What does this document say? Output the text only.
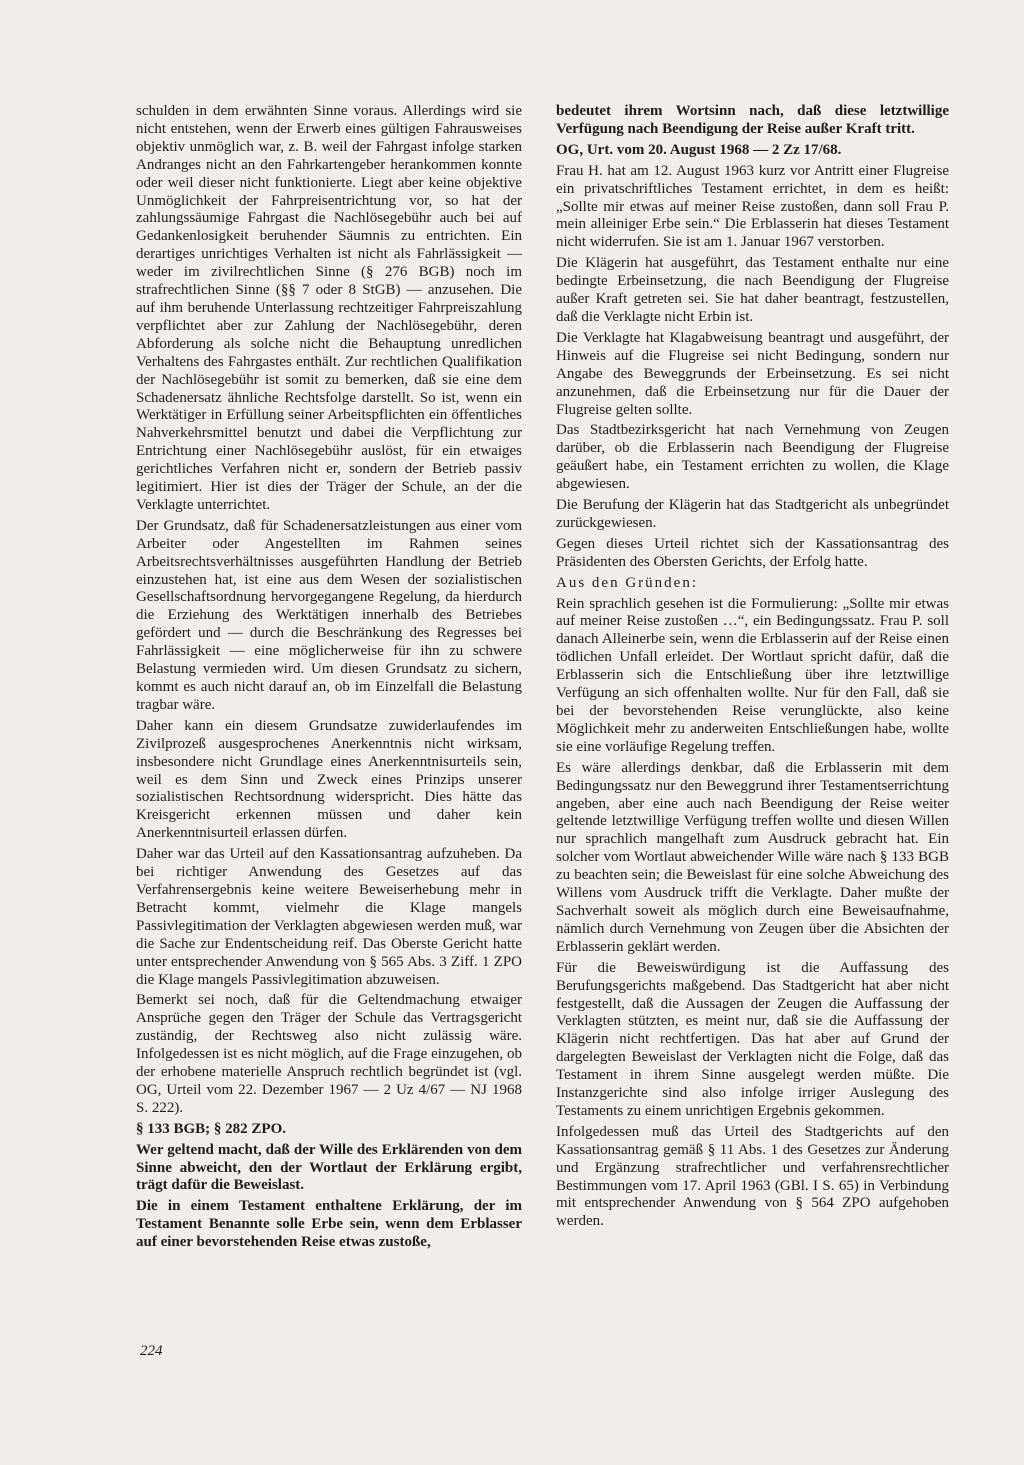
schulden in dem erwähnten Sinne voraus. Allerdings wird sie nicht entstehen, wenn der Erwerb eines gültigen Fahrausweises objektiv unmöglich war, z. B. weil der Fahrgast infolge starken Andranges nicht an den Fahrkartengeber herankommen konnte oder weil dieser nicht funktionierte. Liegt aber keine objektive Unmöglichkeit der Fahrpreisentrichtung vor, so hat der zahlungssäumige Fahrgast die Nachlösegebühr auch bei auf Gedankenlosigkeit beruhender Säumnis zu entrichten. Ein derartiges unrichtiges Verhalten ist nicht als Fahrlässigkeit — weder im zivilrechtlichen Sinne (§ 276 BGB) noch im strafrechtlichen Sinne (§§ 7 oder 8 StGB) — anzusehen. Die auf ihm beruhende Unterlassung rechtzeitiger Fahrpreiszahlung verpflichtet aber zur Zahlung der Nachlösegebühr, deren Abforderung als solche nicht die Behauptung unredlichen Verhaltens des Fahrgastes enthält. Zur rechtlichen Qualifikation der Nachlösegebühr ist somit zu bemerken, daß sie eine dem Schadenersatz ähnliche Rechtsfolge darstellt. So ist, wenn ein Werktätiger in Erfüllung seiner Arbeitspflichten ein öffentliches Nahverkehrsmittel benutzt und dabei die Verpflichtung zur Entrichtung einer Nachlösegebühr auslöst, für ein etwaiges gerichtliches Verfahren nicht er, sondern der Betrieb passiv legitimiert. Hier ist dies der Träger der Schule, an der die Verklagte unterrichtet.

Der Grundsatz, daß für Schadenersatzleistungen aus einer vom Arbeiter oder Angestellten im Rahmen seines Arbeitsrechtsverhältnisses ausgeführten Handlung der Betrieb einzustehen hat, ist eine aus dem Wesen der sozialistischen Gesellschaftsordnung hervorgegangene Regelung, da hierdurch die Erziehung des Werktätigen innerhalb des Betriebes gefördert und — durch die Beschränkung des Regresses bei Fahrlässigkeit — eine möglicherweise für ihn zu schwere Belastung vermieden wird. Um diesen Grundsatz zu sichern, kommt es auch nicht darauf an, ob im Einzelfall die Belastung tragbar wäre.

Daher kann ein diesem Grundsatze zuwiderlaufendes im Zivilprozeß ausgesprochenes Anerkenntnis nicht wirksam, insbesondere nicht Grundlage eines Anerkenntnisurteils sein, weil es dem Sinn und Zweck eines Prinzips unserer sozialistischen Rechtsordnung widerspricht. Dies hätte das Kreisgericht erkennen müssen und daher kein Anerkenntnisurteil erlassen dürfen.

Daher war das Urteil auf den Kassationsantrag aufzuheben. Da bei richtiger Anwendung des Gesetzes auf das Verfahrensergebnis keine weitere Beweiserhebung mehr in Betracht kommt, vielmehr die Klage mangels Passivlegitimation der Verklagten abgewiesen werden muß, war die Sache zur Endentscheidung reif. Das Oberste Gericht hatte unter entsprechender Anwendung von § 565 Abs. 3 Ziff. 1 ZPO die Klage mangels Passivlegitimation abzuweisen.

Bemerkt sei noch, daß für die Geltendmachung etwaiger Ansprüche gegen den Träger der Schule das Vertragsgericht zuständig, der Rechtsweg also nicht zulässig wäre. Infolgedessen ist es nicht möglich, auf die Frage einzugehen, ob der erhobene materielle Anspruch rechtlich begründet ist (vgl. OG, Urteil vom 22. Dezember 1967 — 2 Uz 4/67 — NJ 1968 S. 222).

§ 133 BGB; § 282 ZPO.

Wer geltend macht, daß der Wille des Erklärenden von dem Sinne abweicht, den der Wortlaut der Erklärung ergibt, trägt dafür die Beweislast.

Die in einem Testament enthaltene Erklärung, der im Testament Benannte solle Erbe sein, wenn dem Erblasser auf einer bevorstehenden Reise etwas zustoße,

bedeutet ihrem Wortsinn nach, daß diese letztwillige Verfügung nach Beendigung der Reise außer Kraft tritt.

OG, Urt. vom 20. August 1968 — 2 Zz 17/68.

Frau H. hat am 12. August 1963 kurz vor Antritt einer Flugreise ein privatschriftliches Testament errichtet, in dem es heißt: „Sollte mir etwas auf meiner Reise zustoßen, dann soll Frau P. mein alleiniger Erbe sein.“ Die Erblasserin hat dieses Testament nicht widerrufen. Sie ist am 1. Januar 1967 verstorben.

Die Klägerin hat ausgeführt, das Testament enthalte nur eine bedingte Erbeinsetzung, die nach Beendigung der Flugreise außer Kraft getreten sei. Sie hat daher beantragt, festzustellen, daß die Verklagte nicht Erbin ist.

Die Verklagte hat Klagabweisung beantragt und ausgeführt, der Hinweis auf die Flugreise sei nicht Bedingung, sondern nur Angabe des Beweggrunds der Erbeinsetzung. Es sei nicht anzunehmen, daß die Erbeinsetzung nur für die Dauer der Flugreise gelten sollte.

Das Stadtbezirksgericht hat nach Vernehmung von Zeugen darüber, ob die Erblasserin nach Beendigung der Flugreise geäußert habe, ein Testament errichten zu wollen, die Klage abgewiesen.

Die Berufung der Klägerin hat das Stadtgericht als unbegründet zurückgewiesen.

Gegen dieses Urteil richtet sich der Kassationsantrag des Präsidenten des Obersten Gerichts, der Erfolg hatte.

Aus den Gründen:

Rein sprachlich gesehen ist die Formulierung: „Sollte mir etwas auf meiner Reise zustoßen …“, ein Bedingungssatz. Frau P. soll danach Alleinerbe sein, wenn die Erblasserin auf der Reise einen tödlichen Unfall erleidet. Der Wortlaut spricht dafür, daß die Erblasserin sich die Entschließung über ihre letztwillige Verfügung an sich offenhalten wollte. Nur für den Fall, daß sie bei der bevorstehenden Reise verunglückte, also keine Möglichkeit mehr zu anderweiten Entschließungen habe, wollte sie eine vorläufige Regelung treffen.

Es wäre allerdings denkbar, daß die Erblasserin mit dem Bedingungssatz nur den Beweggrund ihrer Testamentserrichtung angeben, aber eine auch nach Beendigung der Reise weiter geltende letztwillige Verfügung treffen wollte und diesen Willen nur sprachlich mangelhaft zum Ausdruck gebracht hat. Ein solcher vom Wortlaut abweichender Wille wäre nach § 133 BGB zu beachten sein; die Beweislast für eine solche Abweichung des Willens vom Ausdruck trifft die Verklagte. Daher mußte der Sachverhalt soweit als möglich durch eine Beweisaufnahme, nämlich durch Vernehmung von Zeugen über die Absichten der Erblasserin geklärt werden.

Für die Beweiswürdigung ist die Auffassung des Berufungsgerichts maßgebend. Das Stadtgericht hat aber nicht festgestellt, daß die Aussagen der Zeugen die Auffassung der Verklagten stützten, es meint nur, daß sie die Auffassung der Klägerin nicht rechtfertigen. Das hat aber auf Grund der dargelegten Beweislast der Verklagten nicht die Folge, daß das Testament in ihrem Sinne ausgelegt werden müßte. Die Instanzgerichte sind also infolge irriger Auslegung des Testaments zu einem unrichtigen Ergebnis gekommen.

Infolgedessen muß das Urteil des Stadtgerichts auf den Kassationsantrag gemäß § 11 Abs. 1 des Gesetzes zur Änderung und Ergänzung strafrechtlicher und verfahrensrechtlicher Bestimmungen vom 17. April 1963 (GBl. I S. 65) in Verbindung mit entsprechender Anwendung von § 564 ZPO aufgehoben werden.

224
